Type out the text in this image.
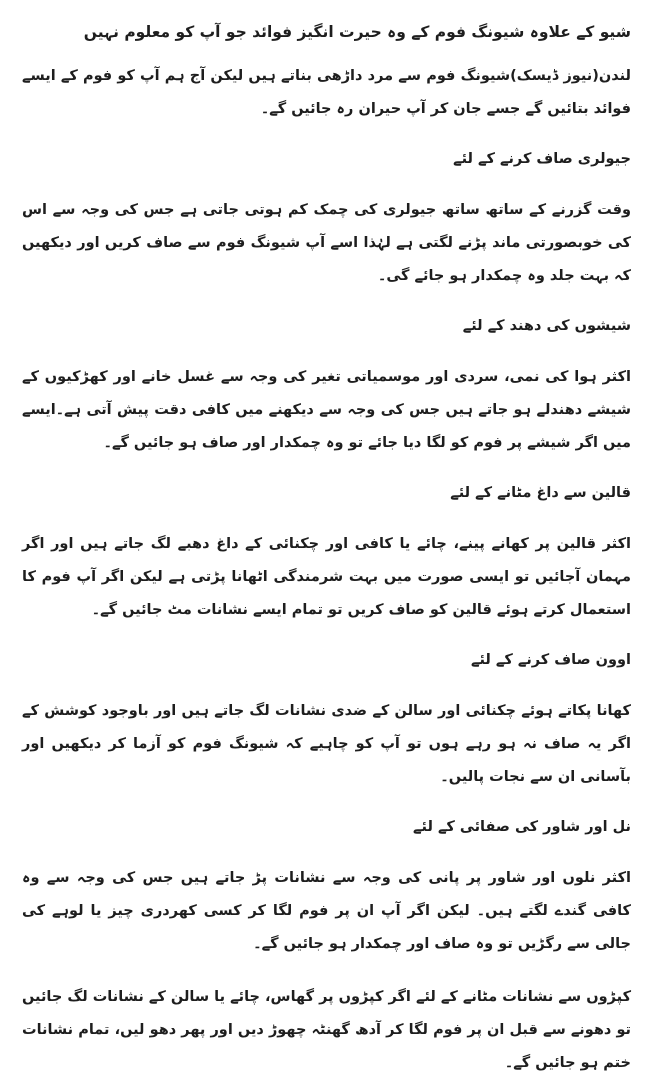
شیو کے علاوہ شیونگ فوم کے وہ حیرت انگیز فوائد جو آپ کو معلوم نہیں
لندن(نیوز ڈیسک)شیونگ فوم سے مرد داڑھی بناتے ہیں لیکن آج ہم آپ کو فوم کے ایسے فوائد بتائیں گے جسے جان کر آپ حیران رہ جائیں گے۔
جیولری صاف کرنے کے لئے
وقت گزرنے کے ساتھ ساتھ جیولری کی چمک کم ہوتی جاتی ہے جس کی وجہ سے اس کی خوبصورتی ماند پڑنے لگتی ہے لہٰذا اسے آپ شیونگ فوم سے صاف کریں اور دیکھیں کہ بہت جلد وہ چمکدار ہو جائے گی۔
شیشوں کی دھند کے لئے
اکثر ہوا کی نمی، سردی اور موسمیاتی تغیر کی وجہ سے غسل خانے اور کھڑکیوں کے شیشے دھندلے ہو جاتے ہیں جس کی وجہ سے دیکھنے میں کافی دقت پیش آتی ہے۔ایسے میں اگر شیشے پر فوم کو لگا دیا جائے تو وہ چمکدار اور صاف ہو جائیں گے۔
قالین سے داغ مٹانے کے لئے
اکثر قالین پر کھانے پینے، چائے یا کافی اور چکنائی کے داغ دھبے لگ جاتے ہیں اور اگر مہمان آجائیں تو ایسی صورت میں بہت شرمندگی اٹھانا پڑتی ہے لیکن اگر آپ فوم کا استعمال کرتے ہوئے قالین کو صاف کریں تو تمام ایسے نشانات مٹ جائیں گے۔
اوون صاف کرنے کے لئے
کھانا پکاتے ہوئے چکنائی اور سالن کے ضدی نشانات لگ جاتے ہیں اور باوجود کوشش کے اگر یہ صاف نہ ہو رہے ہوں تو آپ کو چاہیے کہ شیونگ فوم کو آزما کر دیکھیں اور بآسانی ان سے نجات پالیں۔
نل اور شاور کی صفائی کے لئے
اکثر نلوں اور شاور پر پانی کی وجہ سے نشانات پڑ جاتے ہیں جس کی وجہ سے وہ کافی گندے لگتے ہیں۔ لیکن اگر آپ ان پر فوم لگا کر کسی کھردری چیز یا لوہے کی جالی سے رگڑیں تو وہ صاف اور چمکدار ہو جائیں گے۔
کپڑوں سے نشانات مٹانے کے لئے اگر کپڑوں پر گھاس، چائے یا سالن کے نشانات لگ جائیں تو دھونے سے قبل ان پر فوم لگا کر آدھ گھنٹہ چھوڑ دیں اور پھر دھو لیں، تمام نشانات ختم ہو جائیں گے۔
